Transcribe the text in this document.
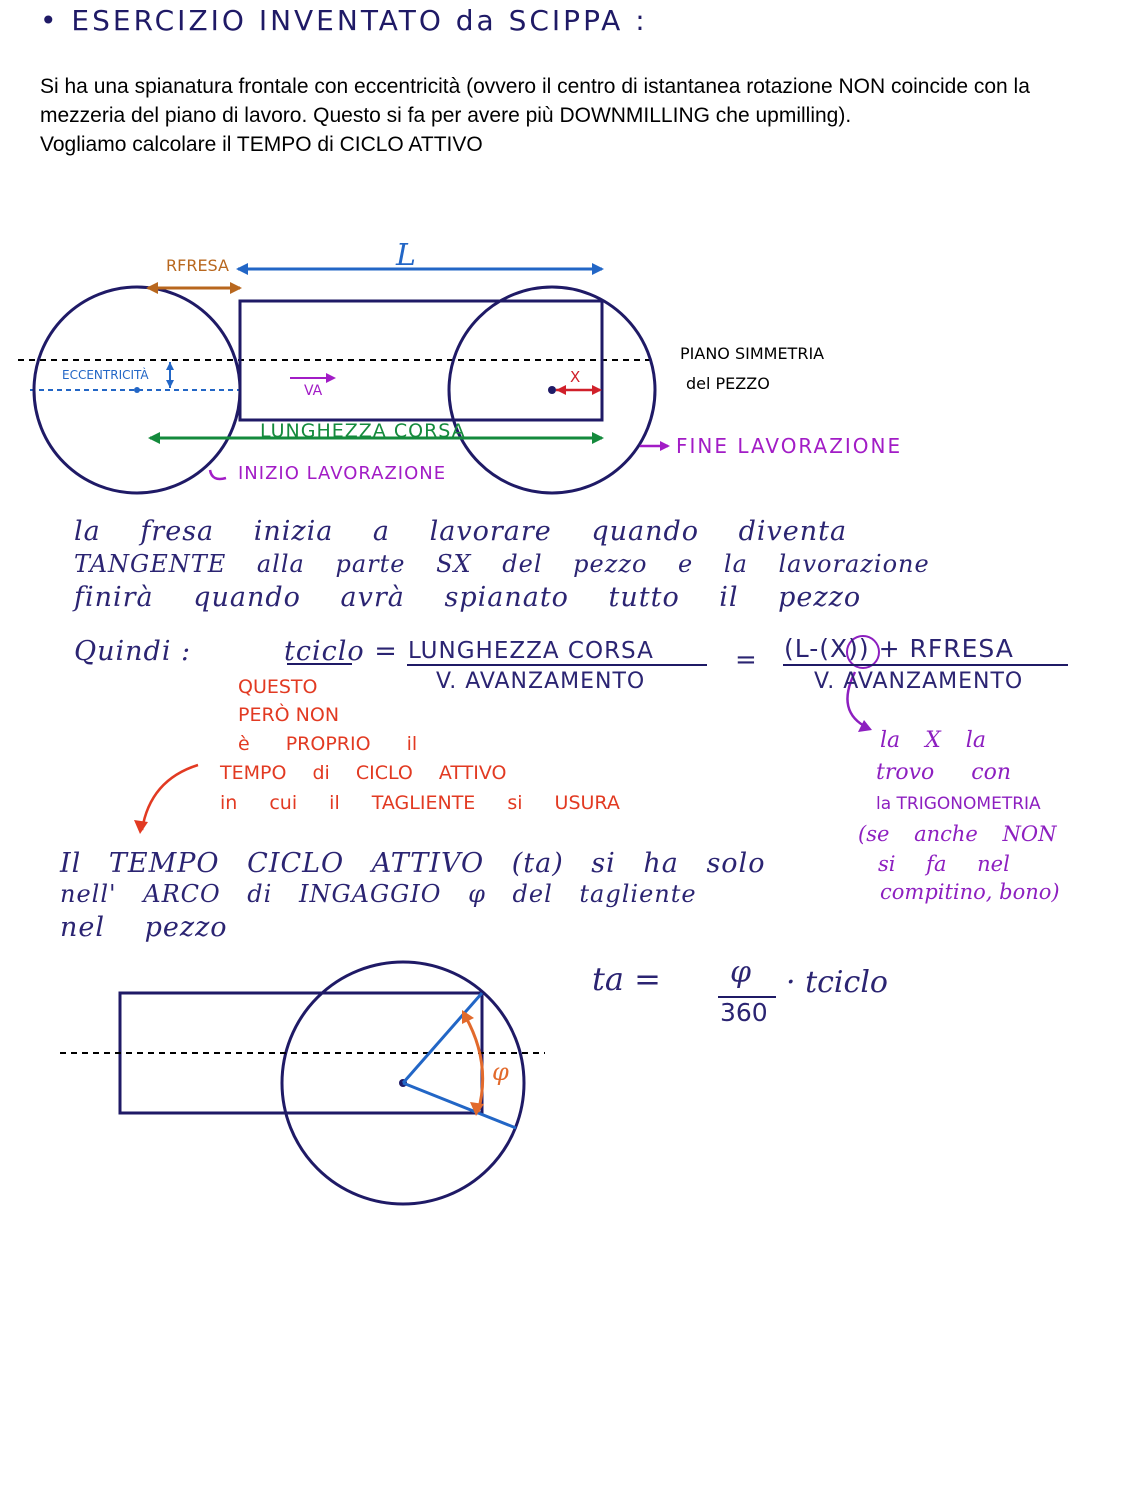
• ESERCIZIO INVENTATO da SCIPPA :

Si ha una spianatura frontale con eccentricità (ovvero il centro di istantanea rotazione NON coincide con la mezzeria del piano di lavoro. Questo si fa per avere più DOWNMILLING che upmilling).

Vogliamo calcolare il TEMPO di CICLO ATTIVO

RFRESA	L
ECCENTRICITÀ
VA
X
LUNGHEZZA CORSA
PIANO SIMMETRIA
del PEZZO
FINE LAVORAZIONE
INIZIO LAVORAZIONE
la fresa inizia a lavorare quando diventa
TANGENTE alla parte SX del pezzo e la lavorazione
finirà quando avrà spianato tutto il pezzo
Quindi :	tciclo = LUNGHEZZA CORSA
V. AVANZAMENTO
= (L-(X)) + RFRESA
V. AVANZAMENTO
QUESTO
PERÒ NON
è PROPRIO il
TEMPO di CICLO ATTIVO
in cui il TAGLIENTE si USURA
la X la
trovo con
la TRIGONOMETRIA
(se anche NON
si fa nel
compitino, bono)
Il TEMPO CICLO ATTIVO (ta) si ha solo
nell' ARCO di INGAGGIO φ del tagliente
nel pezzo
ta = φ
360
· tciclo
φ
